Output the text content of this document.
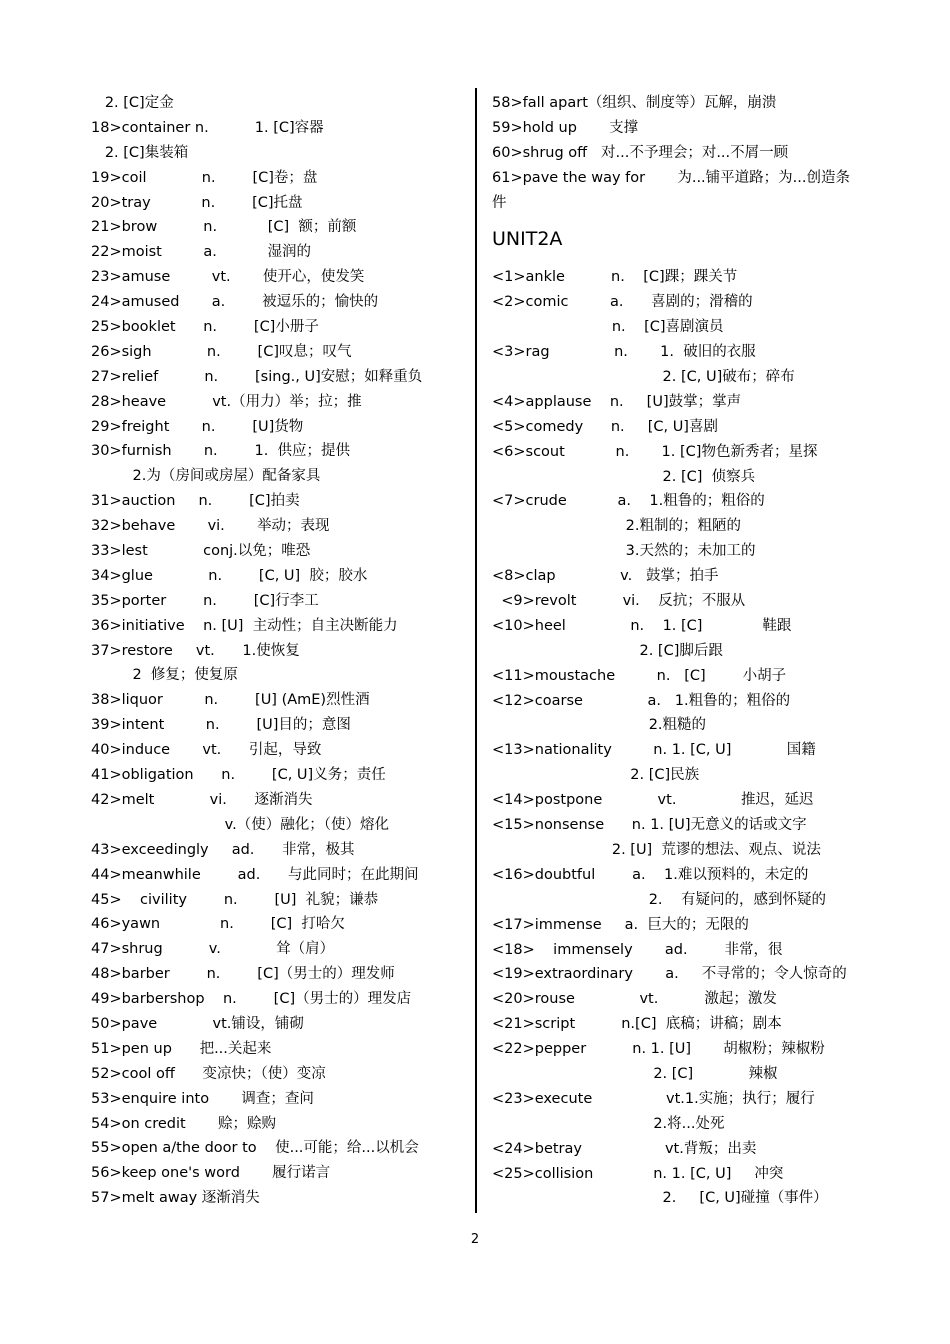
2. [C]定金
18>container n.          1. [C]容器
2. [C]集装箱
19>coil            n.        [C]卷；盘
20>tray           n.        [C]托盘
21>brow          n.           [C]  额；前额
22>moist         a.           湿润的
23>amuse         vt.       使开心，使发笑
24>amused       a.        被逗乐的；愉快的
25>booklet      n.        [C]小册子
26>sigh            n.        [C]叹息；叹气
27>relief          n.        [sing., U]安慰；如释重负
28>heave          vt.（用力）举；拉；推
29>freight       n.        [U]货物
30>furnish       n.        1.  供应；提供
2.为（房间或房屋）配备家具
31>auction     n.        [C]拍卖
32>behave       vi.       举动；表现
33>lest            conj.以免；唯恐
34>glue            n.        [C, U]  胶；胶水
35>porter        n.        [C]行李工
36>initiative    n. [U]  主动性；自主决断能力
37>restore     vt.      1.使恢复
2  修复；使复原
38>liquor         n.        [U] (AmE)烈性酒
39>intent         n.        [U]目的；意图
40>induce       vt.      引起，导致
41>obligation      n.        [C, U]义务；责任
42>melt            vi.      逐渐消失
v.（使）融化；（使）熔化
43>exceedingly     ad.      非常，极其
44>meanwhile        ad.      与此同时；在此期间
45>    civility        n.        [U]  礼貌；谦恭
46>yawn             n.        [C]  打哈欠
47>shrug          v.            耸（肩）
48>barber        n.        [C]（男士的）理发师
49>barbershop    n.        [C]（男士的）理发店
50>pave            vt.铺设，铺砌
51>pen up      把...关起来
52>cool off      变凉快；（使）变凉
53>enquire into       调查；查问
54>on credit       赊；赊购
55>open a/the door to    使...可能；给...以机会
56>keep one's word       履行诺言
57>melt away 逐渐消失
58>fall apart（组织、制度等）瓦解，崩溃
59>hold up       支撑
60>shrug off   对...不予理会；对...不屑一顾
61>pave the way for       为...铺平道路；为...创造条
件
UNIT2A
<1>ankle          n.    [C]踝；踝关节
<2>comic         a.      喜剧的；滑稽的
n.    [C]喜剧演员
<3>rag              n.       1.  破旧的衣服
2. [C, U]破布；碎布
<4>applause    n.     [U]鼓掌；掌声
<5>comedy      n.     [C, U]喜剧
<6>scout           n.       1. [C]物色新秀者；星探
2. [C]  侦察兵
<7>crude           a.    1.粗鲁的；粗俗的
2.粗制的；粗陋的
3.天然的；未加工的
<8>clap              v.   鼓掌；拍手
<9>revolt          vi.    反抗；不服从
<10>heel              n.    1. [C]             鞋跟
2. [C]脚后跟
<11>moustache         n.   [C]        小胡子
<12>coarse              a.   1.粗鲁的；粗俗的
2.粗糙的
<13>nationality         n. 1. [C, U]            国籍
2. [C]民族
<14>postpone            vt.              推迟，延迟
<15>nonsense      n. 1. [U]无意义的话或文字
2. [U]  荒谬的想法、观点、说法
<16>doubtful        a.    1.难以预料的，未定的
2.    有疑问的，感到怀疑的
<17>immense     a.  巨大的；无限的
<18>    immensely       ad.        非常，很
<19>extraordinary       a.     不寻常的；令人惊奇的
<20>rouse              vt.          激起；激发
<21>script          n.[C]  底稿；讲稿；剧本
<22>pepper          n. 1. [U]       胡椒粉；辣椒粉
2. [C]            辣椒
<23>execute                vt.1.实施；执行；履行
2.将...处死
<24>betray                  vt.背叛；出卖
<25>collision             n. 1. [C, U]     冲突
2.     [C, U]碰撞（事件）
2
